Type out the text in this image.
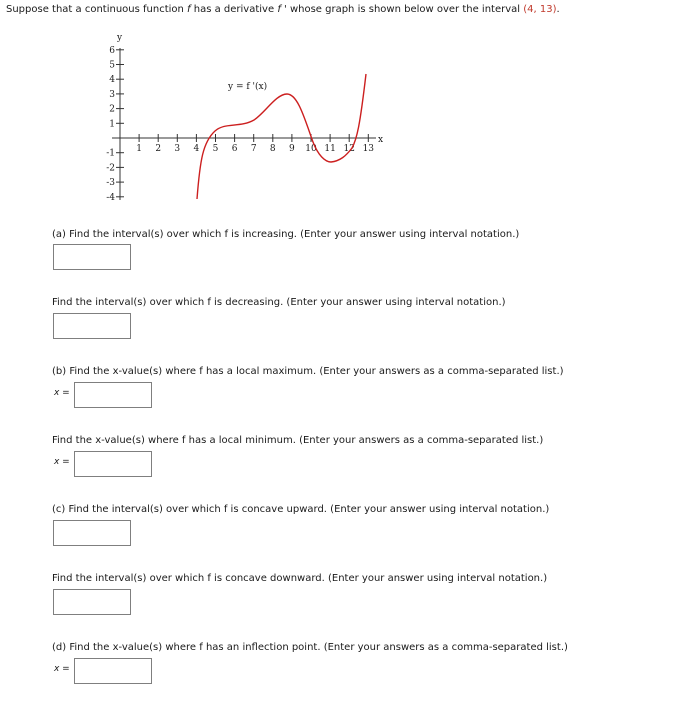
Suppose that a continuous function f has a derivative f ' whose graph is shown below over the interval (4, 13).
1
2
3
4
5
6
-1
-2
-3
-4
1 2 3 4 5 6 7 8 9 10 11 12 13
y
x
y = f '(x)
(a) Find the interval(s) over which f is increasing. (Enter your answer using interval notation.)
Find the interval(s) over which f is decreasing. (Enter your answer using interval notation.)
(b) Find the x-value(s) where f has a local maximum. (Enter your answers as a comma-separated list.)
x =
Find the x-value(s) where f has a local minimum. (Enter your answers as a comma-separated list.)
x =
(c) Find the interval(s) over which f is concave upward. (Enter your answer using interval notation.)
Find the interval(s) over which f is concave downward. (Enter your answer using interval notation.)
(d) Find the x-value(s) where f has an inflection point. (Enter your answers as a comma-separated list.)
x =
